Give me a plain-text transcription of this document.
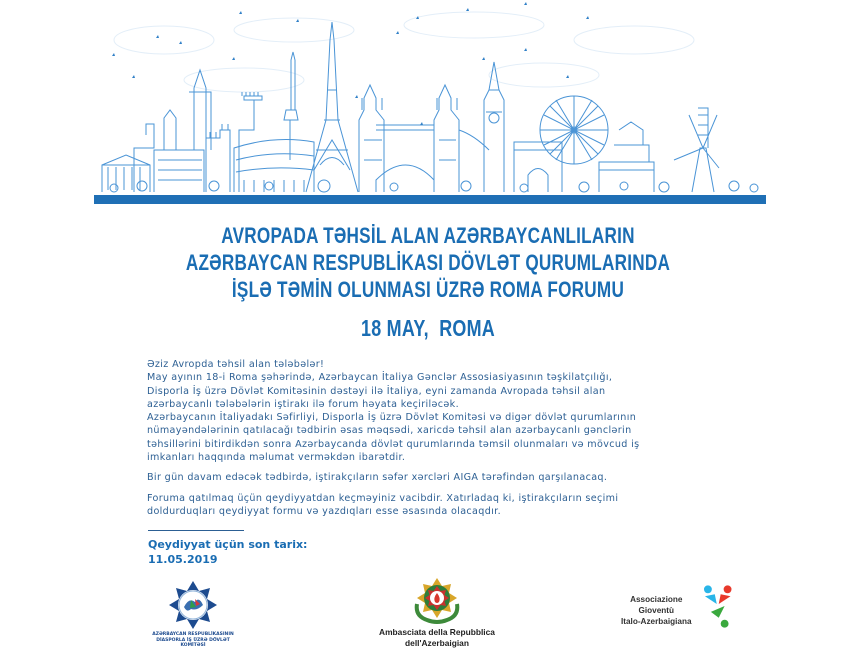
AVROPADA TƏHSİL ALAN AZƏRBAYCANLILARIN
AZƏRBAYCAN RESPUBLİKASI DÖVLƏT QURUMLARINDA
İŞLƏ TƏMİN OLUNMASI ÜZRƏ ROMA FORUMU
18 MAY,  ROMA

Əziz Avropda təhsil alan tələbələr!

May ayının 18-i Roma şəhərində, Azərbaycan İtaliya Gənclər Assosiasiyasının təşkilatçılığı,

Disporla İş üzrə Dövlət Komitəsinin dəstəyi ilə İtaliya, eyni zamanda Avropada təhsil alan

azərbaycanlı tələbələrin iştirakı ilə forum həyata keçiriləcək.

Azərbaycanın İtaliyadakı Səfirliyi, Disporla İş üzrə Dövlət Komitəsi və digər dövlət qurumlarının

nümayəndələrinin qatılacağı tədbirin əsas məqsədi, xaricdə təhsil alan azərbaycanlı gənclərin

təhsillərini bitirdikdən sonra Azərbaycanda dövlət qurumlarında təmsil olunmaları və mövcud iş

imkanları haqqında məlumat verməkdən ibarətdir.

Bir gün davam edəcək tədbirdə, iştirakçıların səfər xərcləri AIGA tərəfindən qarşılanacaq.

Foruma qatılmaq üçün qeydiyyatdan keçməyiniz vacibdir. Xatırladaq ki, iştirakçıların seçimi

doldurduqları qeydiyyat formu və yazdıqları esse əsasında olacaqdır.

Qeydiyyat üçün son tarix:
11.05.2019
AZƏRBAYCAN RESPUBLİKASININ
DİASPORLA İŞ ÜZRƏ DÖVLƏT KOMİTƏSİ
Ambasciata della Repubblica
dell'Azerbaigian
Associazione Gioventù
Italo-Azerbaigiana
